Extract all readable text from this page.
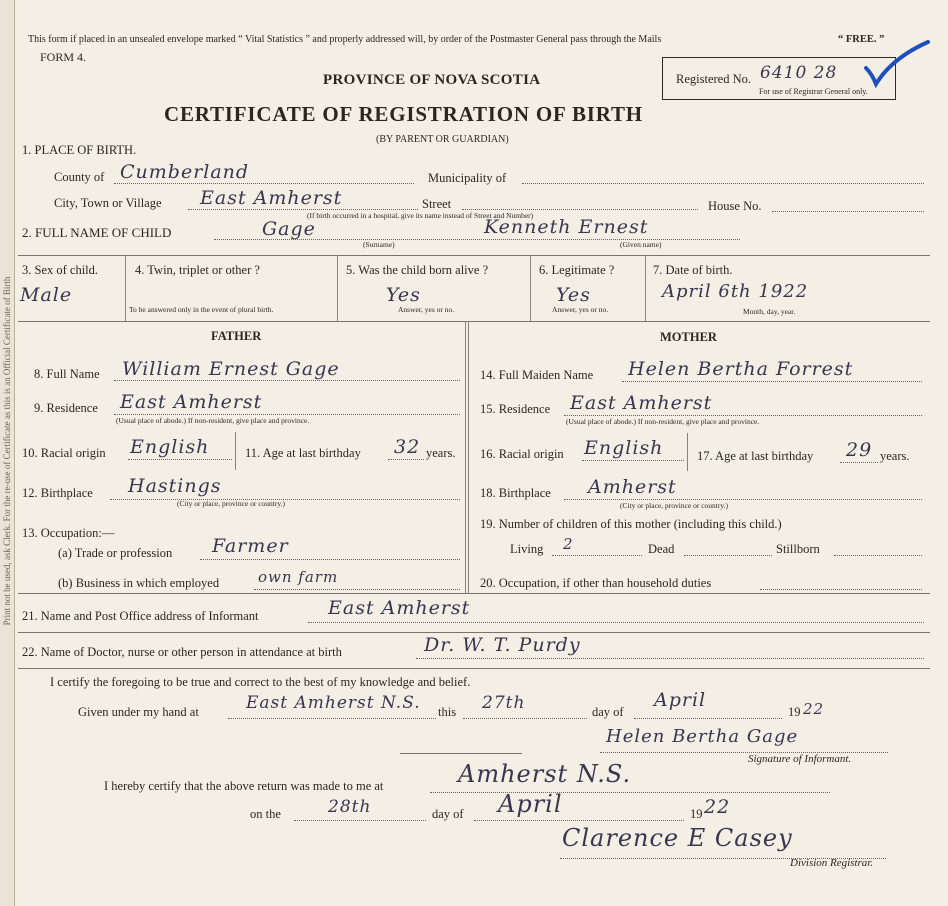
Print not be used, ask Clerk. For the re-use of Certificate as this is an Official Certificate of Birth
This form if placed in an unsealed envelope marked “ Vital Statistics ” and properly addressed will, by order of the Postmaster General pass through the Mails	“ FREE. ”
FORM 4.
PROVINCE OF NOVA SCOTIA
CERTIFICATE OF REGISTRATION OF BIRTH
(BY PARENT OR GUARDIAN)
Registered No. 6410 28
For use of Registrar General only.
1. PLACE OF BIRTH.
County of Cumberland	Municipality of
City, Town or Village East Amherst	Street	House No.
(If birth occurred in a hospital, give its name instead of Street and Number)
2. FULL NAME OF CHILD	Gage
(Surname)
Kenneth Ernest
(Given name)
3. Sex of child.
Male
4. Twin, triplet or other ?
To be answered only in the event of plural birth.
5. Was the child born alive ?
Yes
Answer, yes or no.
6. Legitimate ?
Yes
Answer, yes or no.
7. Date of birth.
April 6th 1922
Month, day, year.
FATHER	MOTHER
8. Full Name William Ernest Gage
9. Residence East Amherst
(Usual place of abode.) If non-resident, give place and province.
10. Racial origin English	11. Age at last birthday 32 years.
12. Birthplace Hastings
(City or place, province or country.)
13. Occupation:—
(a) Trade or profession Farmer
(b) Business in which employed	own farm
14. Full Maiden Name Helen Bertha Forrest
15. Residence East Amherst
(Usual place of abode.) If non-resident, give place and province.
16. Racial origin English	17. Age at last birthday 29 years.
18. Birthplace Amherst
(City or place, province or country.)
19. Number of children of this mother (including this child.)
Living 2	Dead	Stillborn
20. Occupation, if other than household duties
21. Name and Post Office address of Informant	East Amherst
22. Name of Doctor, nurse or other person in attendance at birth	Dr. W. T. Purdy
I certify the foregoing to be true and correct to the best of my knowledge and belief.
Given under my hand at	East Amherst N.S. this 27th	day of
April
19 22
Helen Bertha Gage
Signature of Informant.
I hereby certify that the above return was made to me at	Amherst N.S.
on the	28th	day of April	19 22
Clarence E Casey
Division Registrar.
